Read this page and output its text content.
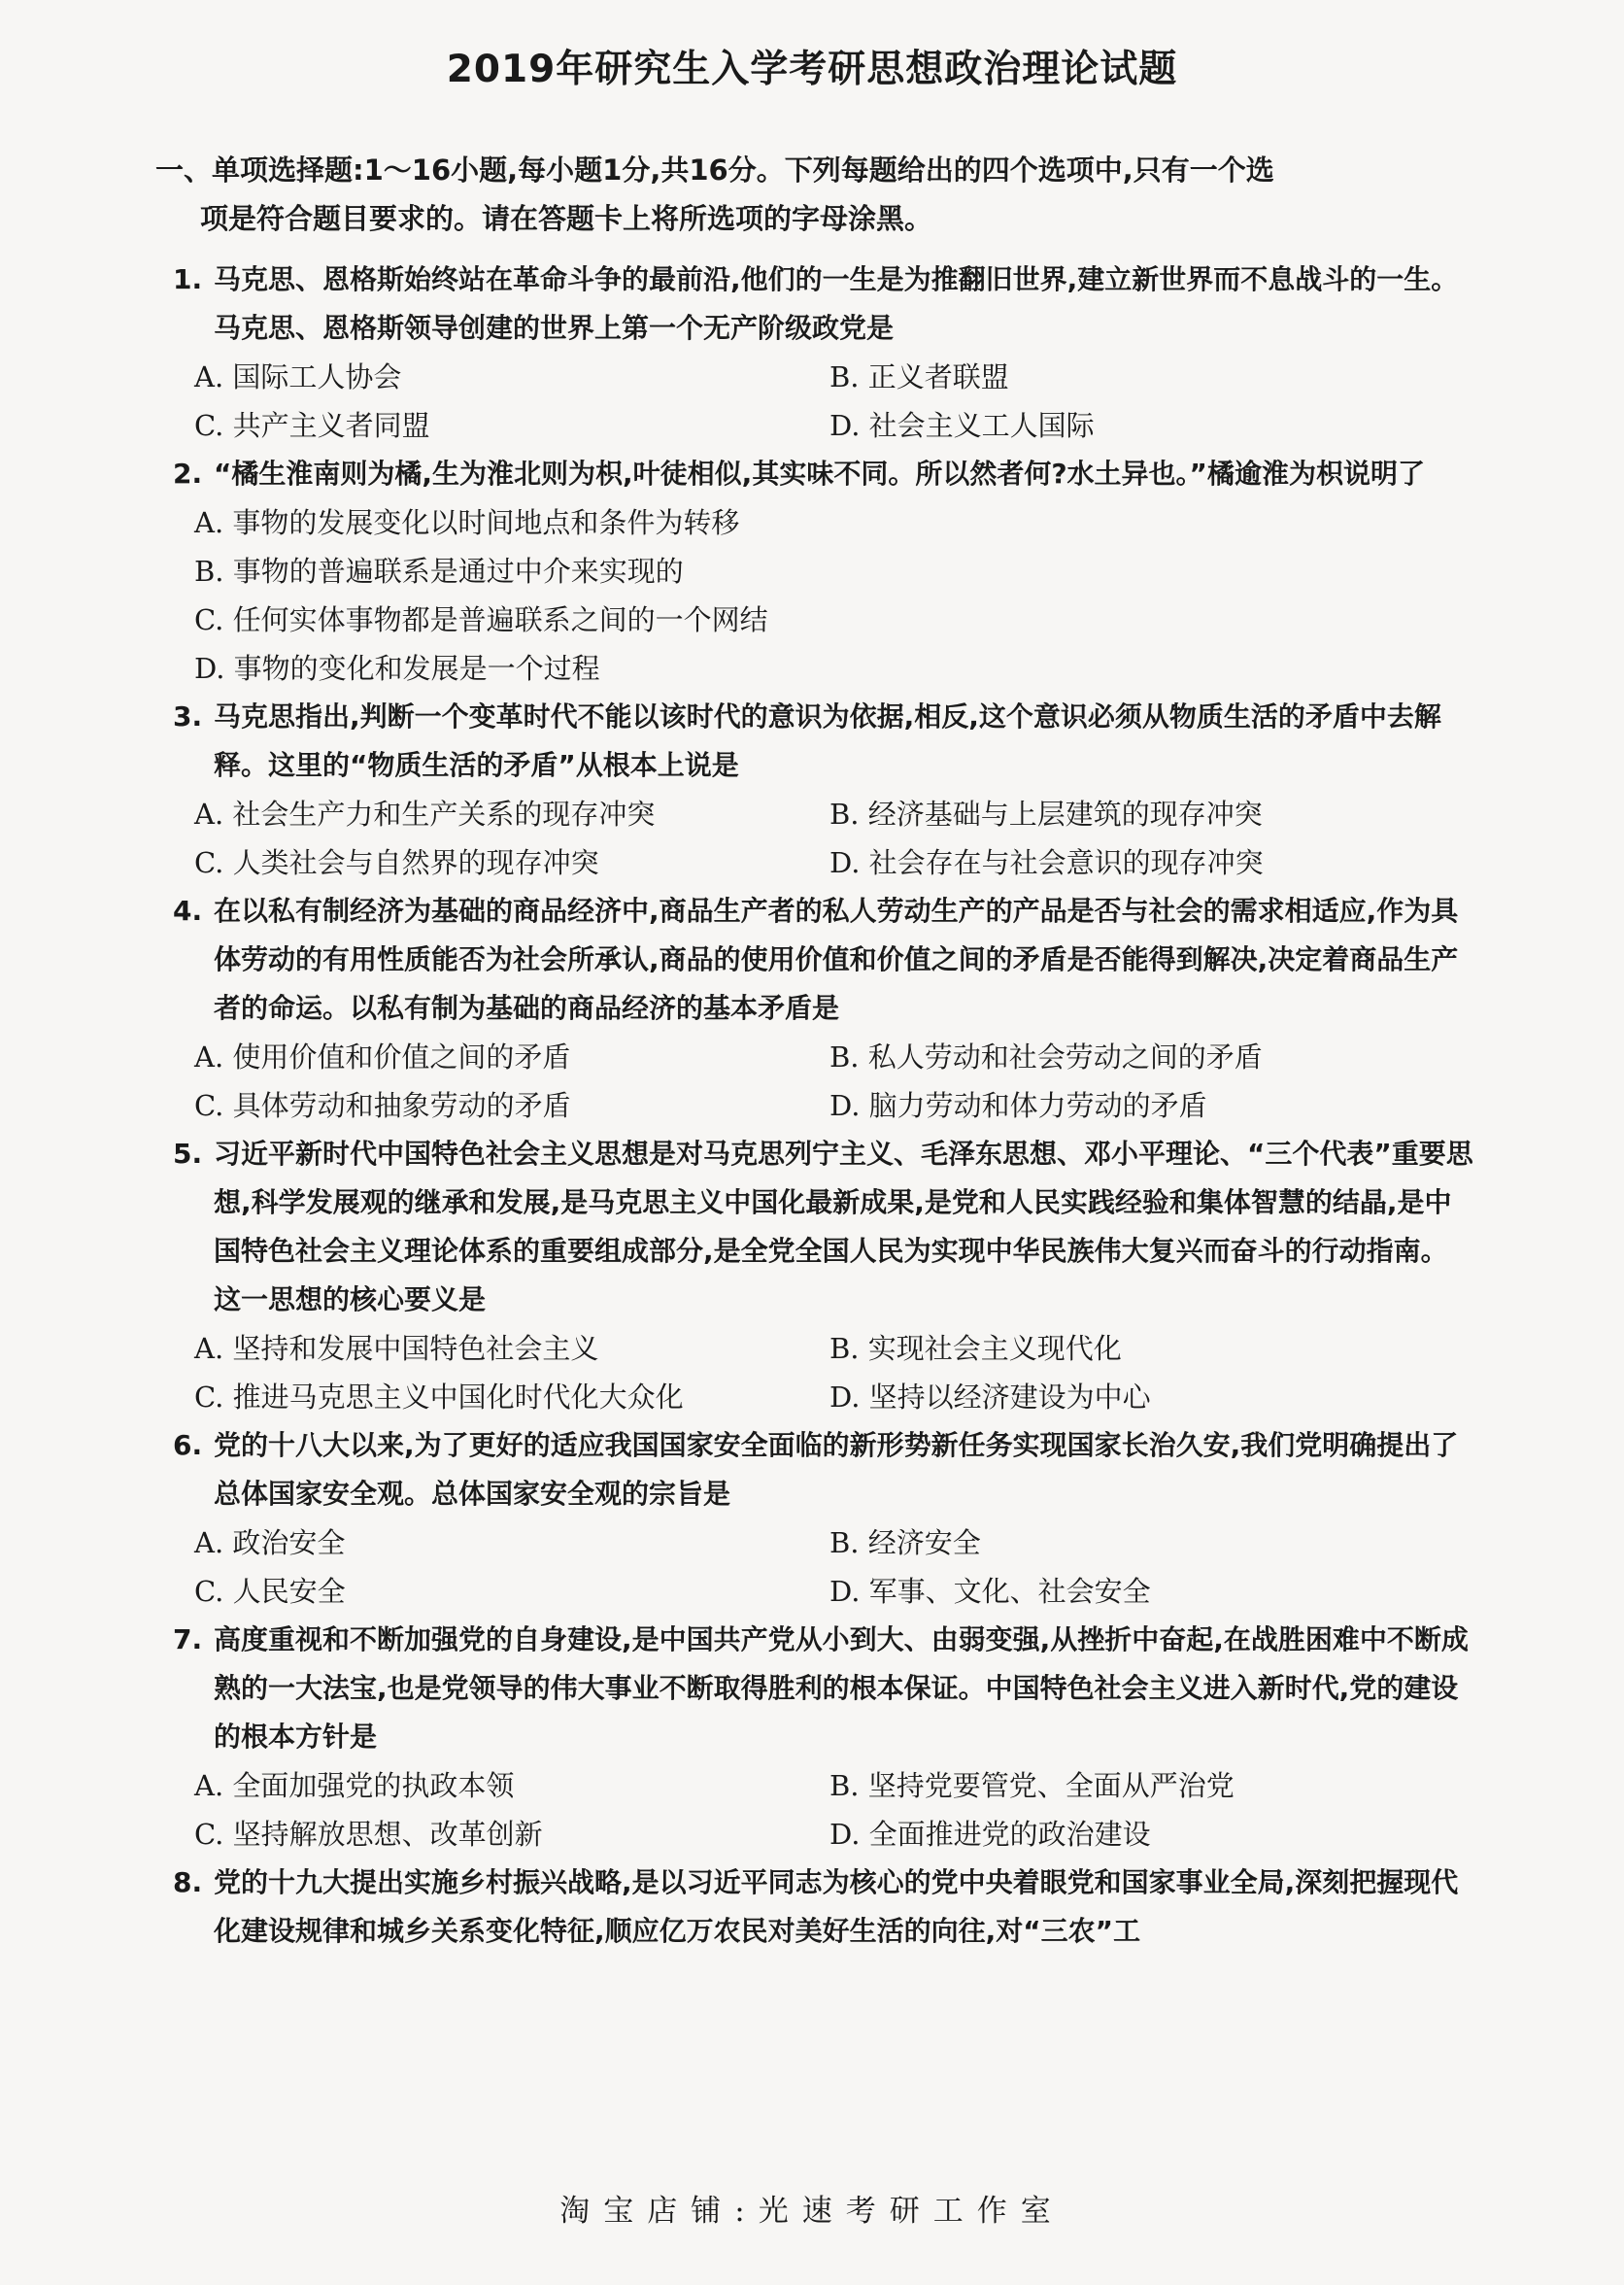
2019年研究生入学考研思想政治理论试题
一、单项选择题:1～16小题,每小题1分,共16分。下列每题给出的四个选项中,只有一个选
项是符合题目要求的。请在答题卡上将所选项的字母涂黑。
1. 马克思、恩格斯始终站在革命斗争的最前沿,他们的一生是为推翻旧世界,建立新世界而不息战斗的一生。马克思、恩格斯领导创建的世界上第一个无产阶级政党是
A. 国际工人协会	B. 正义者联盟
C. 共产主义者同盟	D. 社会主义工人国际
2. “橘生淮南则为橘,生为淮北则为枳,叶徒相似,其实味不同。所以然者何?水土异也。”橘逾淮为枳说明了
A. 事物的发展变化以时间地点和条件为转移
B. 事物的普遍联系是通过中介来实现的
C. 任何实体事物都是普遍联系之间的一个网结
D. 事物的变化和发展是一个过程
3. 马克思指出,判断一个变革时代不能以该时代的意识为依据,相反,这个意识必须从物质生活的矛盾中去解释。这里的“物质生活的矛盾”从根本上说是
A. 社会生产力和生产关系的现存冲突	B. 经济基础与上层建筑的现存冲突
C. 人类社会与自然界的现存冲突	D. 社会存在与社会意识的现存冲突
4. 在以私有制经济为基础的商品经济中,商品生产者的私人劳动生产的产品是否与社会的需求相适应,作为具体劳动的有用性质能否为社会所承认,商品的使用价值和价值之间的矛盾是否能得到解决,决定着商品生产者的命运。以私有制为基础的商品经济的基本矛盾是
A. 使用价值和价值之间的矛盾	B. 私人劳动和社会劳动之间的矛盾
C. 具体劳动和抽象劳动的矛盾	D. 脑力劳动和体力劳动的矛盾
5. 习近平新时代中国特色社会主义思想是对马克思列宁主义、毛泽东思想、邓小平理论、“三个代表”重要思想,科学发展观的继承和发展,是马克思主义中国化最新成果,是党和人民实践经验和集体智慧的结晶,是中国特色社会主义理论体系的重要组成部分,是全党全国人民为实现中华民族伟大复兴而奋斗的行动指南。这一思想的核心要义是
A. 坚持和发展中国特色社会主义	B. 实现社会主义现代化
C. 推进马克思主义中国化时代化大众化	D. 坚持以经济建设为中心
6. 党的十八大以来,为了更好的适应我国国家安全面临的新形势新任务实现国家长治久安,我们党明确提出了总体国家安全观。总体国家安全观的宗旨是
A. 政治安全	B. 经济安全
C. 人民安全	D. 军事、文化、社会安全
7. 高度重视和不断加强党的自身建设,是中国共产党从小到大、由弱变强,从挫折中奋起,在战胜困难中不断成熟的一大法宝,也是党领导的伟大事业不断取得胜利的根本保证。中国特色社会主义进入新时代,党的建设的根本方针是
A. 全面加强党的执政本领	B. 坚持党要管党、全面从严治党
C. 坚持解放思想、改革创新	D. 全面推进党的政治建设
8. 党的十九大提出实施乡村振兴战略,是以习近平同志为核心的党中央着眼党和国家事业全局,深刻把握现代化建设规律和城乡关系变化特征,顺应亿万农民对美好生活的向往,对“三农”工
淘宝店铺:光速考研工作室
